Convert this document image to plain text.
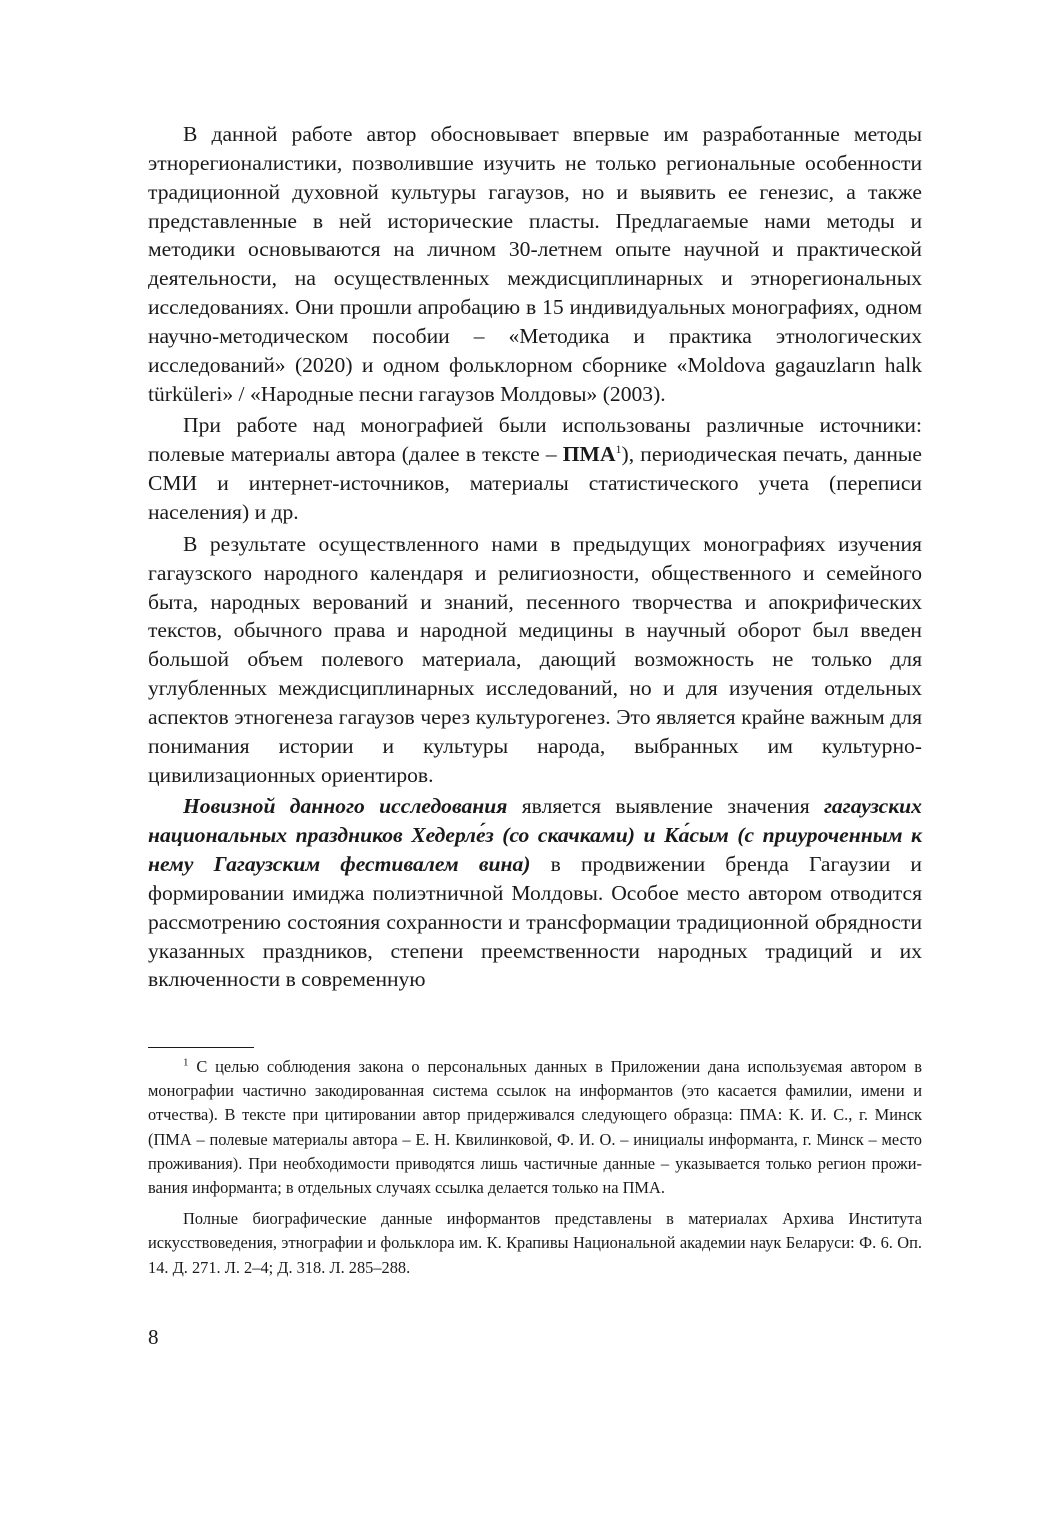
В данной работе автор обосновывает впервые им разработанные методы этнорегионалистики, позволившие изучить не только региональные особенности традиционной духовной культуры гагаузов, но и выявить ее генезис, а также представленные в ней исторические пласты. Предлагаемые нами методы и методики основываются на личном 30-летнем опыте научной и практической деятельности, на осуществленных междисциплинарных и этнорегиональных исследованиях. Они прошли апробацию в 15 индивидуальных монографиях, одном научно-методическом пособии – «Методика и практика этнологических исследований» (2020) и одном фольклорном сборнике «Moldova gagauzların halk türküleri» / «Народные песни гагаузов Молдовы» (2003).

При работе над монографией были использованы различные источники: полевые материалы автора (далее в тексте – ПМА$^1$), периодическая печать, данные СМИ и интернет-источников, материалы статистического учета (переписи населения) и др.

В результате осуществленного нами в предыдущих монографиях изучения гагаузского народного календаря и религиозности, общественного и семейного быта, народных верований и знаний, песенного творчества и апокрифических текстов, обычного права и народной медицины в научный оборот был введен большой объем полевого материала, дающий возможность не только для углубленных междисциплинарных исследований, но и для изучения отдельных аспектов этногенеза гагаузов через культурогенез. Это является крайне важным для понимания истории и культуры народа, выбранных им культурно-цивилизационных ориентиров.

Новизной данного исследования является выявление значения гагаузских национальных праздников Хедерле́з (со скачками) и Ка́сым (с приуроченным к нему Гагаузским фестивалем вина) в продвижении бренда Гагаузии и формировании имиджа полиэтничной Молдовы. Особое место автором отводится рассмотрению состояния сохранности и трансформации традиционной обрядности указанных праздников, степени преемственности народных традиций и их включенности в современную

$^1$ С целью соблюдения закона о персональных данных в Приложении дана используємая автором в монографии частично закодированная система ссылок на информантов (это касается фамилии, имени и отчества). В тексте при цитировании автор придерживался следующего образца: ПМА: К. И. С., г. Минск (ПМА – полевые материалы автора – Е. Н. Квилинковой, Ф. И. О. – инициалы информанта, г. Минск – место проживания). При необходимости приводятся лишь частичные данные – указывается только регион проживания информанта; в отдельных случаях ссылка делается только на ПМА.

Полные биографические данные информантов представлены в материалах Архива Института искусствоведения, этнографии и фольклора им. К. Крапивы Национальной академии наук Беларуси: Ф. 6. Оп. 14. Д. 271. Л. 2–4; Д. 318. Л. 285–288.

8
